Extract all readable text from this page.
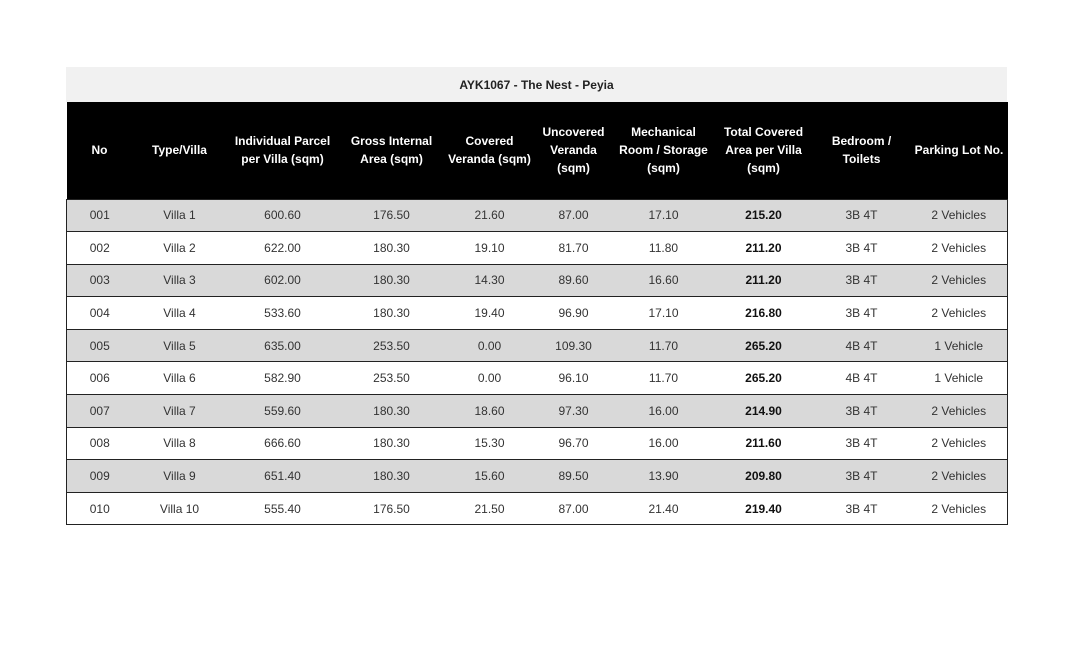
AYK1067 - The Nest - Peyia
No	Type/Villa	Individual Parcel per Villa (sqm)	Gross Internal Area (sqm)	Covered Veranda (sqm)	Uncovered Veranda (sqm)	Mechanical Room / Storage (sqm)	Total Covered Area per Villa (sqm)	Bedroom / Toilets	Parking Lot No.
001	Villa 1	600.60	176.50	21.60	87.00	17.10	215.20	3B 4T	2 Vehicles
002	Villa 2	622.00	180.30	19.10	81.70	11.80	211.20	3B 4T	2 Vehicles
003	Villa 3	602.00	180.30	14.30	89.60	16.60	211.20	3B 4T	2 Vehicles
004	Villa 4	533.60	180.30	19.40	96.90	17.10	216.80	3B 4T	2 Vehicles
005	Villa 5	635.00	253.50	0.00	109.30	11.70	265.20	4B 4T	1 Vehicle
006	Villa 6	582.90	253.50	0.00	96.10	11.70	265.20	4B 4T	1 Vehicle
007	Villa 7	559.60	180.30	18.60	97.30	16.00	214.90	3B 4T	2 Vehicles
008	Villa 8	666.60	180.30	15.30	96.70	16.00	211.60	3B 4T	2 Vehicles
009	Villa 9	651.40	180.30	15.60	89.50	13.90	209.80	3B 4T	2 Vehicles
010	Villa 10	555.40	176.50	21.50	87.00	21.40	219.40	3B 4T	2 Vehicles
